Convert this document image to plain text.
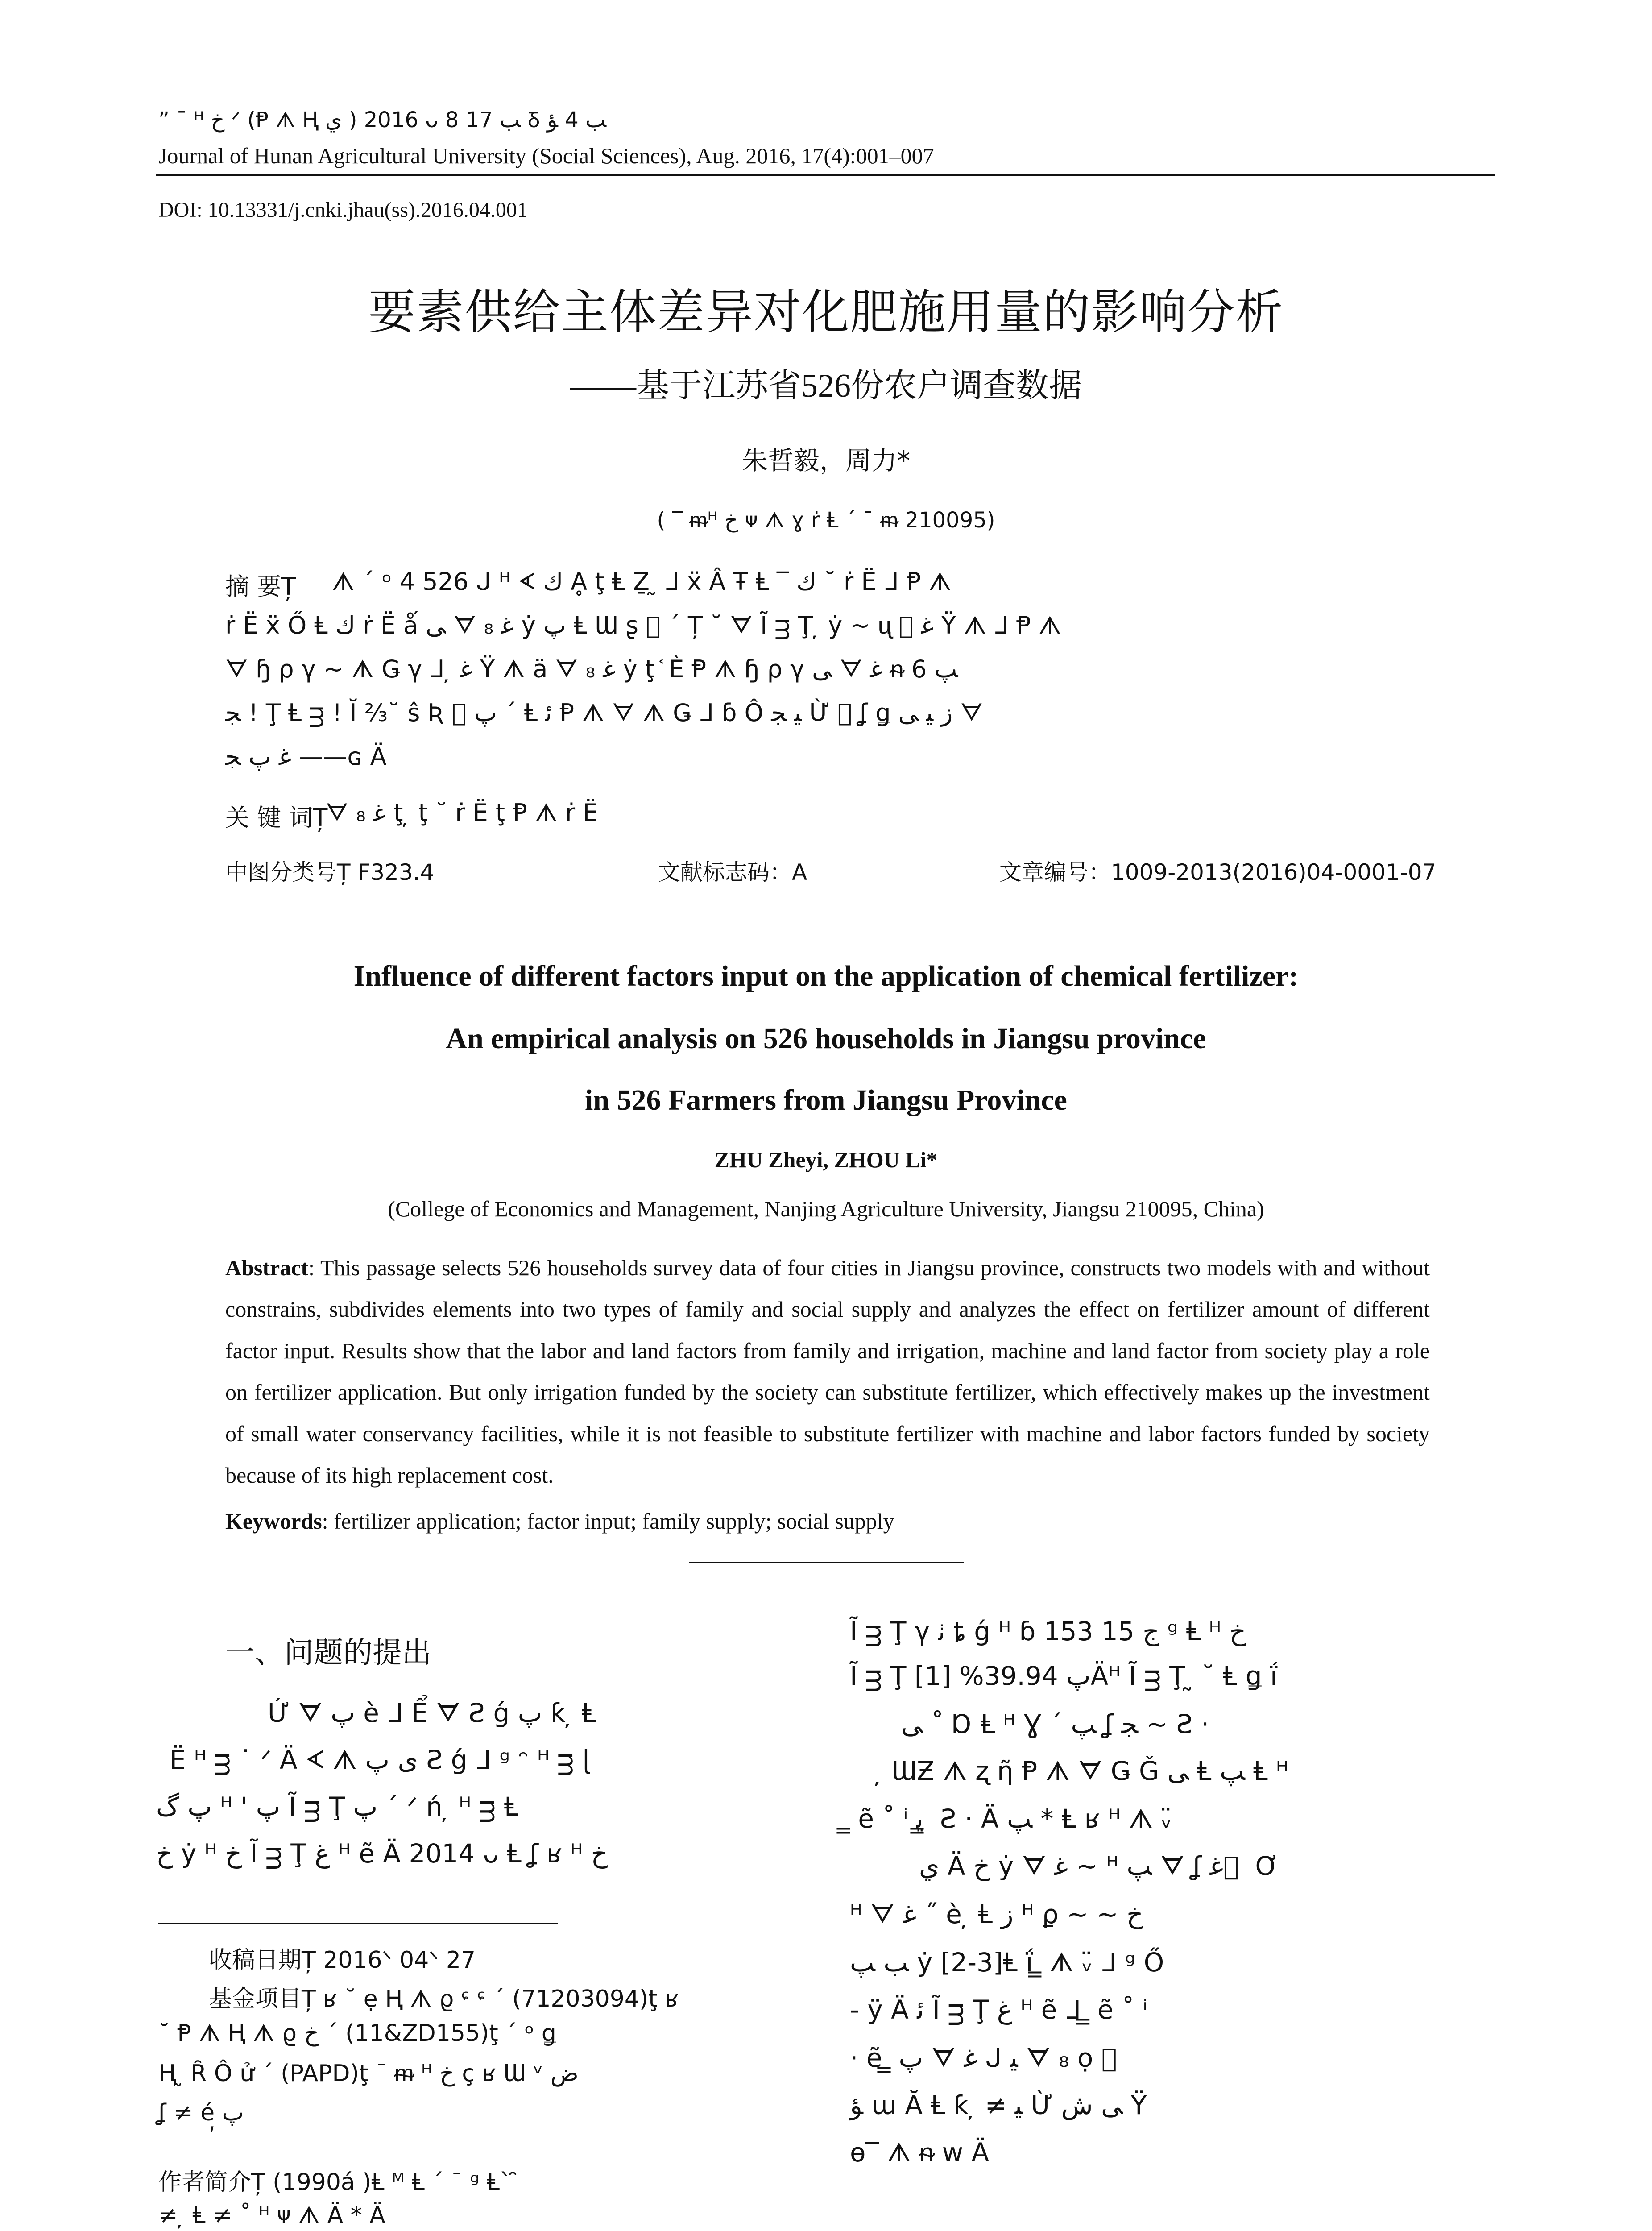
” ¯ ᴴ ﺥ ᐟ (Ᵽ ᗑ Ⱨ ﻱ ) 2016 ᴗ 8 ﺐ 17 Ᵹ ﺐ 4 ﺆ
Journal of Hunan Agricultural University (Social Sciences), Aug. 2016, 17(4):001–007
DOI: 10.13331/j.cnki.jhau(ss).2016.04.001
要素供给主体差异对化肥施用量的影响分析
——基于江苏省526份农户调查数据
朱哲毅，周力*
( ‾ ᵯᴴ ﺥ ᴪ ᗑ ɣ ṙ Ⱡ ´ ¯ ᵯ 210095)
摘 要Ț ᗑ ´ ᵒ 4 526 ᒍ ᴴ ᗉ ﻙ Ḁ ţ Ⱡ Ẕ ̰ ᒧ ẍ Â Ŧ Ⱡ ‾ ﻙ ˘ ṙ Ë ᒧ Ᵽ ᗑ
ṙ Ë ẍ Ő Ⱡ ﻙ ṙ Ë ǻ ﯽ ᗊ ﻏ ₈ ẏ ﭖ Ⱡ Ɯ ʂ ⃞ ´ Ț ˘ ᗊ Ĩ ᴟ Ţ ̦ ẏ ~ ᶙ ⃞ ﻏ Ÿ ᗑ ᒧ Ᵽ ᗑ
ᗊ ɧ ρ γ ~ ᗑ Ǥ γ ᒧ ̦ ﻏ Ÿ ᗑ ä ᗊ ﻏ ₈ ẏ ţ ᷾ È Ᵽ ᗑ ɧ ρ γ ﯽ ᗊ ﻏ ᵰ 6 ﭗ
ﺠ ! Ţ Ⱡ ᴟ ! Ĭ ⅔˘ ŝ Ʀ ⃞ ﭖ ´ Ⱡ ﺋ Ᵽ ᗑ ᗊ ᗑ Ǥ ᒧ ɓ Ô ﻴ ﺠ Ừ ⃞ ʆ ǥ ﺯ ﻴ ﯽ ᗊ
ﻏ ﭖ ﺠ ——ɢ Ä
关 键 词Ț
ᗊ ﻏ ₈ ţ ̦ ţ ˘ ṙ Ë ţ Ᵽ ᗑ ṙ Ë
中图分类号Ț F323.4	文献标志码：A	文章编号：1009-2013(2016)04-0001-07
Influence of different factors input on the application of chemical fertilizer:
An empirical analysis on 526 households in Jiangsu province
in 526 Farmers from Jiangsu Province
ZHU Zheyi, ZHOU Li*
(College of Economics and Management, Nanjing Agriculture University, Jiangsu 210095, China)
Abstract: This passage selects 526 households survey data of four cities in Jiangsu province, constructs two models with and without constrains, subdivides elements into two types of family and social supply and analyzes the effect on fertilizer amount of different factor input. Results show that the labor and land factors from family and irrigation, machine and land factor from society play a role on fertilizer application. But only irrigation funded by the society can substitute fertilizer, which effectively makes up the investment of small water conservancy facilities, while it is not feasible to substitute fertilizer with machine and labor factors funded by society because of its high replacement cost.
Keywords: fertilizer application; factor input; family supply; social supply
一、问题的提出
Ứ ᗊ ﭖ è ᒧ Ể ᗊ Ƨ ǵ ﭖ ƙ ̦ Ⱡ
Ë ᴴ ᴟ ˙ ᐟ Ä ᗉ ᗑ ﯼ ﭖ Ƨ ǵ ᒧ ᵍ ᵔ ᴴ ᴟ ɭ
ﭖ ﮒ ᴴ ' ﭖ Ĩ ᴟ Ţ ﭖ ´ ᐟ ń ̦ ᴴ ᴟ Ⱡ
ﺥ ẏ ᴴ ﺥ Ĩ ᴟ Ţ ﻍ ᴴ ẽ Ä 2014 ᴗ Ⱡ ʆ ʁ ᴴ ﺥ
收稿日期Ț 2016ᐠ 04ᐠ 27
基金项目Ț ʁ ˘ ẹ Ⱨ ᗑ ϱ ᶝ ᶝ ´ (71203094)ţ ʁ
˘ Ᵽ ᗑ Ⱨ ᗑ ϱ ﺥ ´ (11&ZD155)ţ ´ ᵒ ǥ
Ⱨ ̰ Ȓ Ô ử ´ (PAPD)ţ ¯ ᵯ ᴴ ﺥ ç ʁ Ɯ ᵛ ﺽ
ʆ ≠ é ﭖ
ʹ
作者简介Ț (1990á )Ⱡ ᴹ Ⱡ ´ ¯ ᵍ Ⱡ` ̑
≠ ̦ Ⱡ ≠ ˚ ᴴ ᴪ ᗑ Ä * Ä
Ĩ ᴟ Ţ γ ﭠ ȶ ǵ ᴴ ɓ ﺝ 15 153 ᵍ Ⱡ ᴴ ﺥ
Ĩ ᴟ Ţ ﭖ 39.94% [1]Äᴴ Ĩ ᴟ Ţ ̰ ˘ Ⱡ ǥ ḯ
ﯽ ˚ Ɒ Ⱡ ᴴ Ɣ ´ ﭗ ʆ ﺠ ~ Ƨ ·
̦ ƜƵ ᗑ ʐ ῆ Ᵽ ᗑ ᗊ Ǥ Ǧ ﯽ Ⱡ ﭗ Ⱡ ᴴ
̳ ẽ ˚ ⁱ ﻳ ̳ Ƨ · Ä ﭗ * Ⱡ ʁ ᴴ ᗑ ᵥ̈
ﻱ Ä ﺥ ẏ ᗊ ﻏ ~ ᴴ ﭗ ᗊ ʆ ﻏ ⃞ Ơ
ᴴ ᗊ ﻏ ˝ è ̦ Ⱡ ﺯ ᴴ ϼ ~ ~ ﺥ
ﺐ ﭗ ẏ [2-3]Ⱡ ḯ ̳ ᗑ ᵥ̈ ᒧ ᵍ Ő
- ÿ Ä ﺋ Ĩ ᴟ Ţ ﻍ ᴴ ẽ ᒧ ̳ ẽ ˚ ⁱ
· ẽ ̳ ﭖ ᗊ ﻏ ᒍ ﻴ ᗊ ₈ ọ ⃞
ﺆ ɯ Ă Ⱡ ƙ ̦ ≠ ﻴ Ừ ﯽ ﺵ Ÿ
ɵ‾ ᗑ ᵰ ᴡ Ä
